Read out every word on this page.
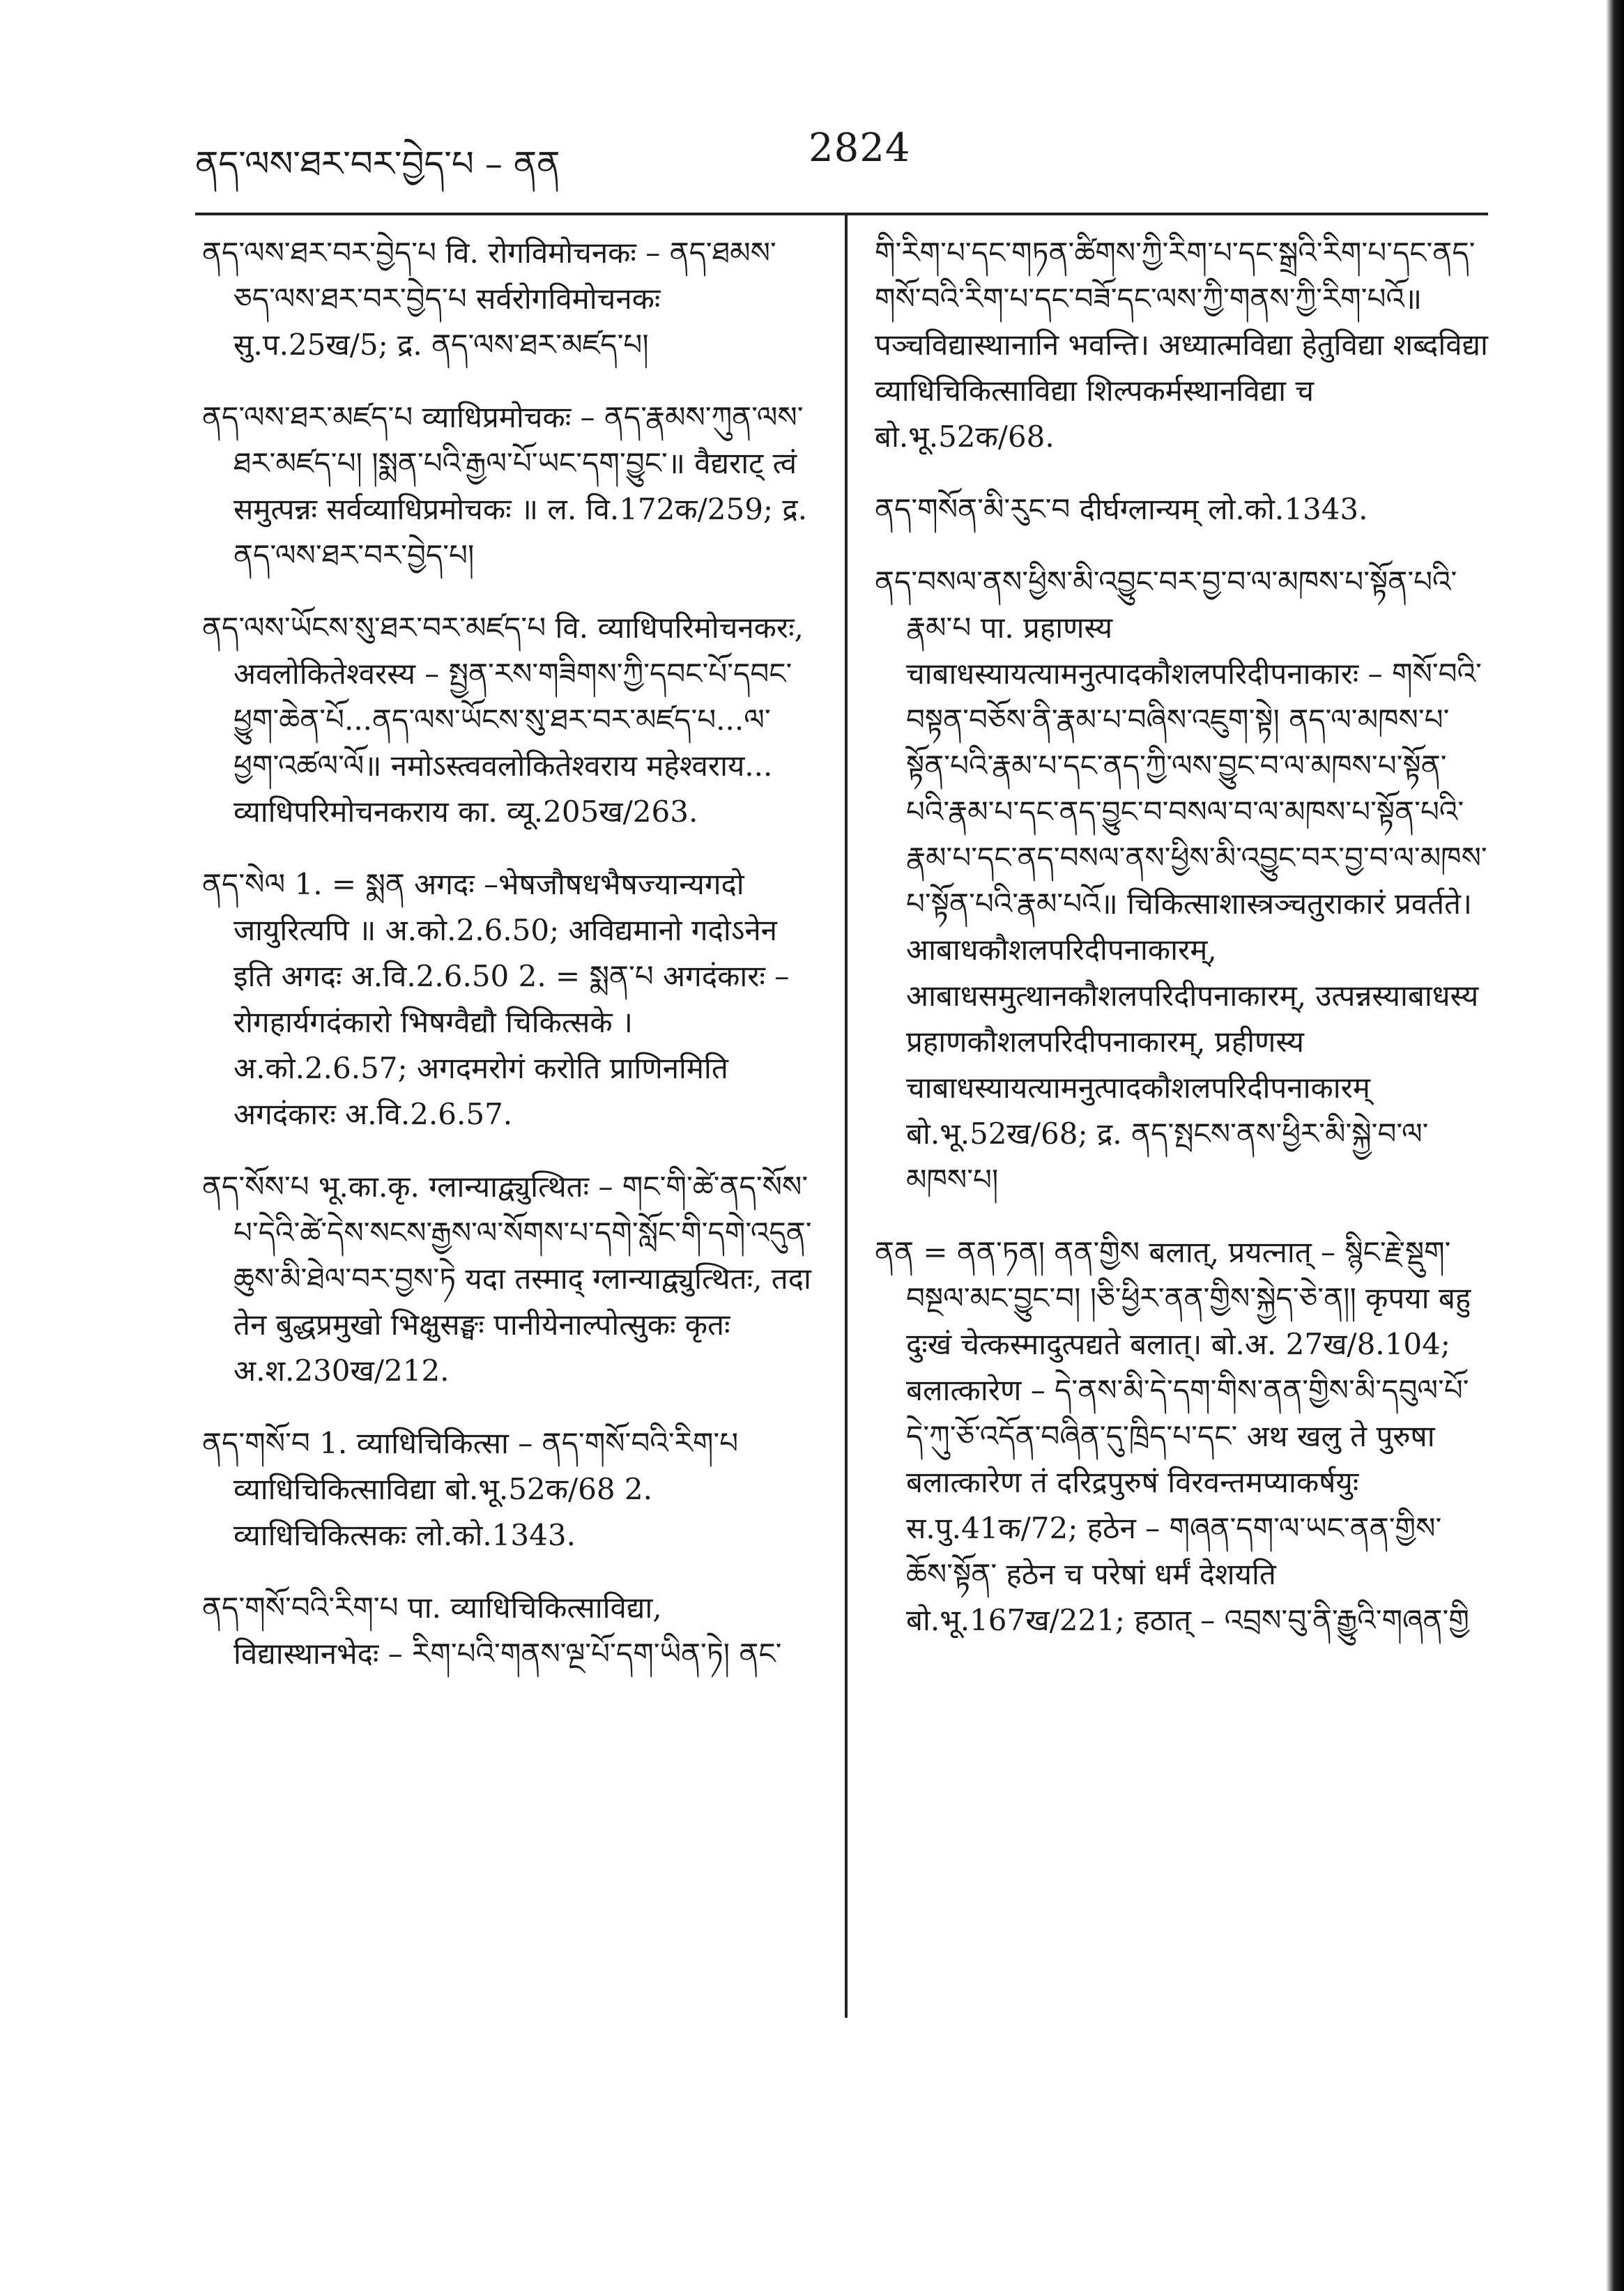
ནད་ལས་ཐར་བར་བྱེད་པ – ནན	2824

ནད་ལས་ཐར་བར་བྱེད་པ वि. रोगविमोचनकः – ནད་ཐམས་ཅད་ལས་ཐར་བར་བྱེད་པ सर्वरोगविमोचनकः सु.प.25ख/5; द्र. ནད་ལས་ཐར་མཛད་པ།

ནད་ལས་ཐར་མཛད་པ व्याधिप्रमोचकः – ནད་རྣམས་ཀུན་ལས་ཐར་མཛད་པ། །སྨན་པའི་རྒྱལ་པོ་ཡང་དག་བྱུང་॥ वैद्यराट् त्वं समुत्पन्नः सर्वव्याधिप्रमोचकः ॥ ल. वि.172क/259; द्र. ནད་ལས་ཐར་བར་བྱེད་པ།

ནད་ལས་ཡོངས་སུ་ཐར་བར་མཛད་པ वि. व्याधिपरिमोचनकरः, अवलोकितेश्वरस्य – སྤྱན་རས་གཟིགས་ཀྱི་དབང་པོ་དབང་ཕྱུག་ཆེན་པོ...ནད་ལས་ཡོངས་སུ་ཐར་བར་མཛད་པ...ལ་ཕྱག་འཚལ་ལོ॥ नमोऽस्त्ववलोकितेश्वराय महेश्वराय... व्याधिपरिमोचनकराय का. व्यू.205ख/263.

ནད་སེལ 1. = སྨན अगदः –भेषजौषधभैषज्यान्यगदो जायुरित्यपि ॥ अ.को.2.6.50; अविद्यमानो गदोऽनेन इति अगदः अ.वि.2.6.50 2. = སྨན་པ अगदंकारः – रोगहार्यगदंकारो भिषग्वैद्यौ चिकित्सके । अ.को.2.6.57; अगदमरोगं करोति प्राणिनमिति अगदंकारः अ.वि.2.6.57.

ནད་སོས་པ भू.का.कृ. ग्लान्याद्व्युत्थितः – གང་གི་ཚེ་ནད་སོས་པ་དེའི་ཚེ་དེས་སངས་རྒྱས་ལ་སོགས་པ་དགེ་སློང་གི་དགེ་འདུན་ཆུས་མི་ཐེལ་བར་བྱས་ཏེ यदा तस्माद् ग्लान्याद्व्युत्थितः, तदा तेन बुद्धप्रमुखो भिक्षुसङ्घः पानीयेनाल्पोत्सुकः कृतः अ.श.230ख/212.

ནད་གསོ་བ 1. व्याधिचिकित्सा – ནད་གསོ་བའི་རིག་པ व्याधिचिकित्साविद्या बो.भू.52क/68 2. व्याधिचिकित्सकः लो.को.1343.

ནད་གསོ་བའི་རིག་པ पा. व्याधिचिकित्साविद्या, विद्यास्थानभेदः – རིག་པའི་གནས་ལྔ་པོ་དག་ཡིན་ཏེ། ནང་

གི་རིག་པ་དང་གཏན་ཚིགས་ཀྱི་རིག་པ་དང་སྒྲའི་རིག་པ་དང་ནད་གསོ་བའི་རིག་པ་དང་བཟོ་དང་ལས་ཀྱི་གནས་ཀྱི་རིག་པའོ॥ पञ्चविद्यास्थानानि भवन्ति। अध्यात्मविद्या हेतुविद्या शब्दविद्या व्याधिचिकित्साविद्या शिल्पकर्मस्थानविद्या च बो.भू.52क/68.

ནད་གསོན་མི་རུང་བ दीर्घग्लान्यम् लो.को.1343.

ནད་བསལ་ནས་ཕྱིས་མི་འབྱུང་བར་བྱ་བ་ལ་མཁས་པ་སྟོན་པའི་རྣམ་པ पा. प्रहाणस्य चाबाधस्यायत्यामनुत्पादकौशलपरिदीपनाकारः – གསོ་བའི་བསྟན་བཅོས་ནི་རྣམ་པ་བཞིས་འཇུག་སྟེ། ནད་ལ་མཁས་པ་སྟོན་པའི་རྣམ་པ་དང་ནད་ཀྱི་ལས་བྱུང་བ་ལ་མཁས་པ་སྟོན་པའི་རྣམ་པ་དང་ནད་བྱུང་བ་བསལ་བ་ལ་མཁས་པ་སྟོན་པའི་རྣམ་པ་དང་ནད་བསལ་ནས་ཕྱིས་མི་འབྱུང་བར་བྱ་བ་ལ་མཁས་པ་སྟོན་པའི་རྣམ་པའོ॥ चिकित्साशास्त्रञ्चतुराकारं प्रवर्तते। आबाधकौशलपरिदीपनाकारम्, आबाधसमुत्थानकौशलपरिदीपनाकारम्, उत्पन्नस्याबाधस्य प्रहाणकौशलपरिदीपनाकारम्, प्रहीणस्य चाबाधस्यायत्यामनुत्पादकौशलपरिदीपनाकारम् बो.भू.52ख/68; द्र. ནད་སྤངས་ནས་ཕྱིར་མི་སྐྱེ་བ་ལ་མཁས་པ།

ནན = ནན་ཏན། ནན་གྱིས बलात्, प्रयत्नात् – སྙིང་རྗེ་སྡུག་བསྔལ་མང་བྱུང་བ། །ཅི་ཕྱིར་ནན་གྱིས་སྐྱེད་ཅེ་ན།། कृपया बहु दुःखं चेत्कस्मादुत्पद्यते बलात्। बो.अ. 27ख/8.104; बलात्कारेण – དེ་ནས་མི་དེ་དག་གིས་ནན་གྱིས་མི་དབུལ་པོ་དེ་ཀུ་ཅོ་འདོན་བཞིན་དུ་ཁྲིད་པ་དང་ अथ खलु ते पुरुषा बलात्कारेण तं दरिद्रपुरुषं विरवन्तमप्याकर्षयुः स.पु.41क/72; हठेन – གཞན་དག་ལ་ཡང་ནན་གྱིས་ཆོས་སྟོན་ हठेन च परेषां धर्मं देशयति बो.भू.167ख/221; हठात् – འབྲས་བུ་ནི་རྒྱུའི་གཞན་གྱི
